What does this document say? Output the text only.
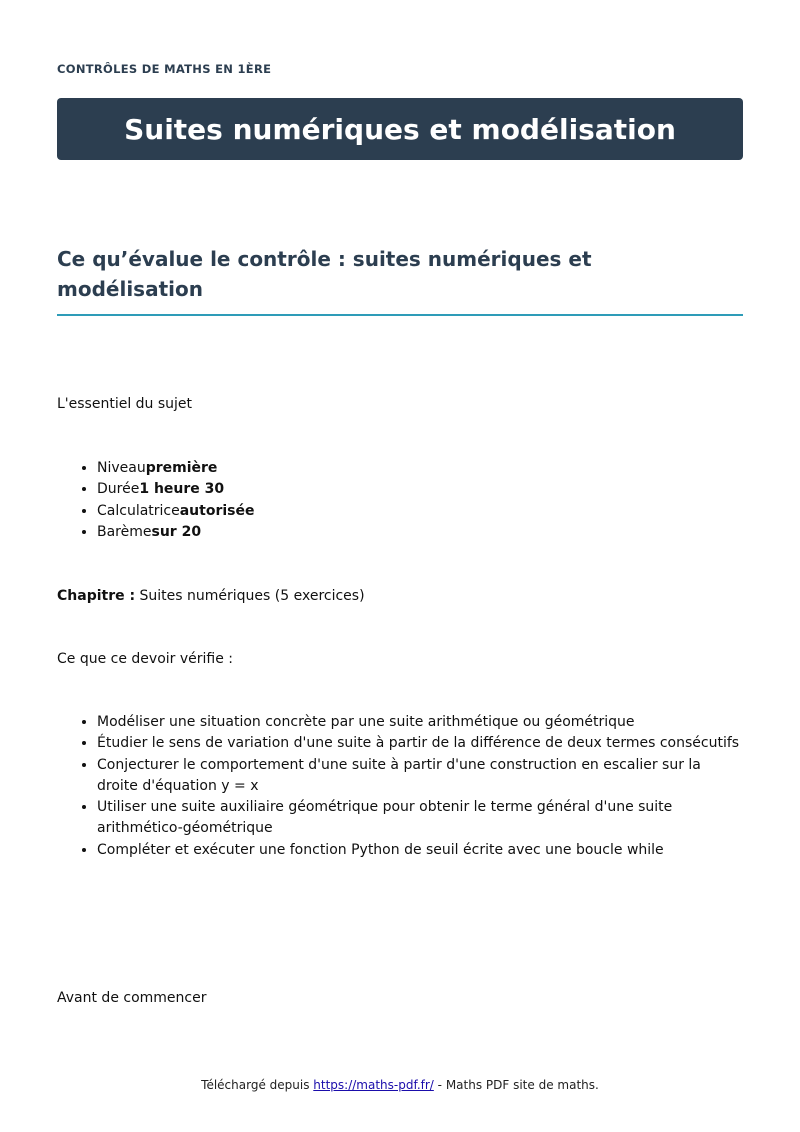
CONTRÔLES DE MATHS EN 1ÈRE
Suites numériques et modélisation
Ce qu’évalue le contrôle : suites numériques et modélisation

L'essentiel du sujet

• Niveaupremière
• Durée1 heure 30
• Calculatriceautorisée
• Barèmesur 20

Chapitre : Suites numériques (5 exercices)

Ce que ce devoir vérifie :

• Modéliser une situation concrète par une suite arithmétique ou géométrique
• Étudier le sens de variation d'une suite à partir de la différence de deux termes consécutifs
• Conjecturer le comportement d'une suite à partir d'une construction en escalier sur la droite d'équation y = x
• Utiliser une suite auxiliaire géométrique pour obtenir le terme général d'une suite arithmético-géométrique
• Compléter et exécuter une fonction Python de seuil écrite avec une boucle while

Avant de commencer

Téléchargé depuis https://maths-pdf.fr/ - Maths PDF site de maths.
